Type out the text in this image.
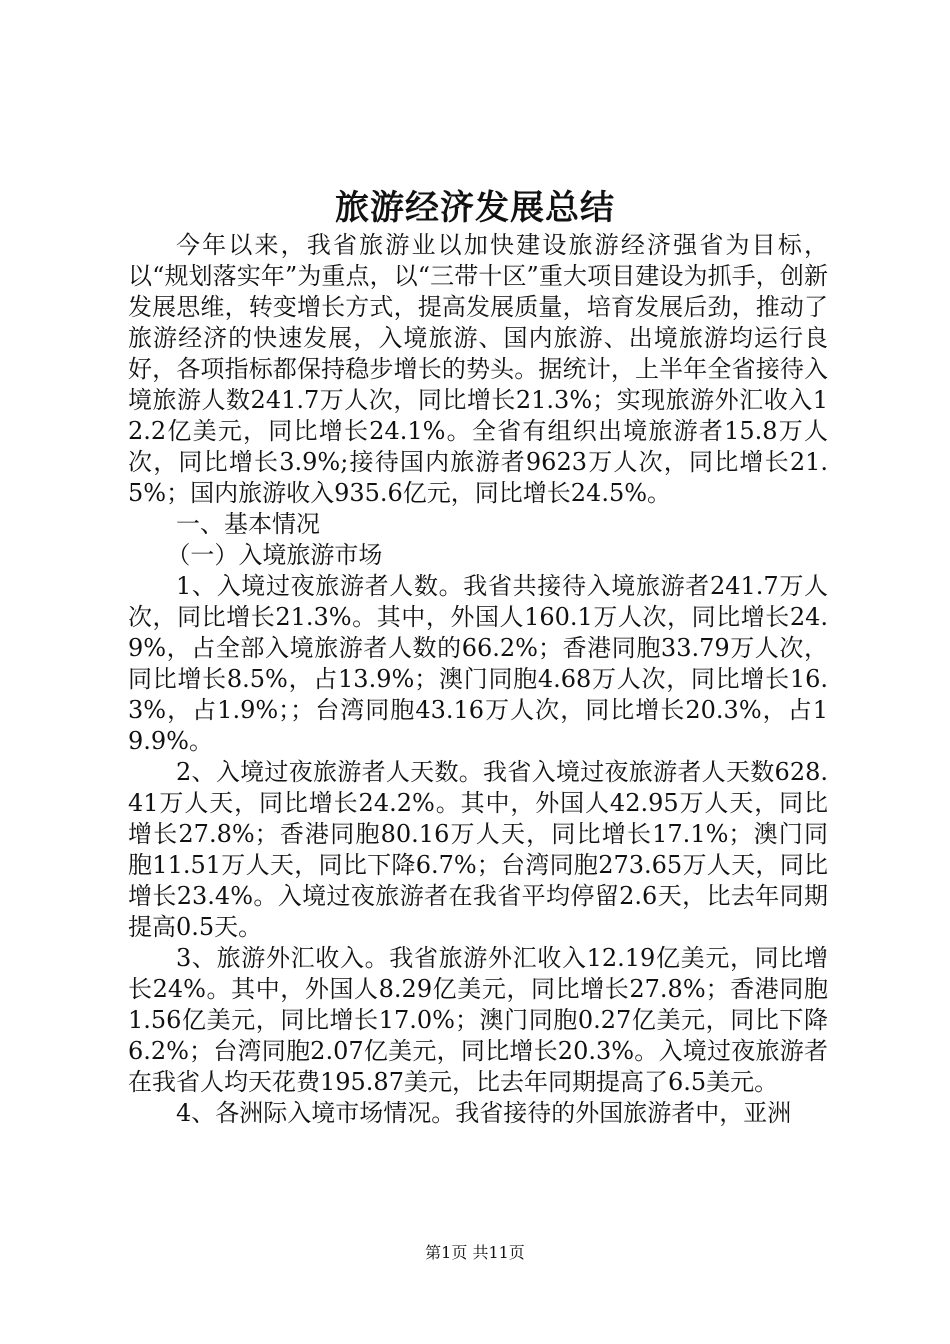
旅游经济发展总结

今年以来，我省旅游业以加快建设旅游经济强省为目标，以“规划落实年”为重点，以“三带十区”重大项目建设为抓手，创新发展思维，转变增长方式，提高发展质量，培育发展后劲，推动了旅游经济的快速发展，入境旅游、国内旅游、出境旅游均运行良好，各项指标都保持稳步增长的势头。据统计，上半年全省接待入境旅游人数241.7万人次，同比增长21.3%；实现旅游外汇收入12.2亿美元，同比增长24.1%。全省有组织出境旅游者15.8万人次，同比增长3.9%;接待国内旅游者9623万人次，同比增长21.5%；国内旅游收入935.6亿元，同比增长24.5%。

一、基本情况

（一）入境旅游市场

1、入境过夜旅游者人数。我省共接待入境旅游者241.7万人次，同比增长21.3%。其中，外国人160.1万人次，同比增长24.9%，占全部入境旅游者人数的66.2%；香港同胞33.79万人次，同比增长8.5%，占13.9%；澳门同胞4.68万人次，同比增长16.3%，占1.9%；；台湾同胞43.16万人次，同比增长20.3%，占19.9%。

2、入境过夜旅游者人天数。我省入境过夜旅游者人天数628.41万人天，同比增长24.2%。其中，外国人42.95万人天，同比增长27.8%；香港同胞80.16万人天，同比增长17.1%；澳门同胞11.51万人天，同比下降6.7%；台湾同胞273.65万人天，同比增长23.4%。入境过夜旅游者在我省平均停留2.6天，比去年同期提高0.5天。

3、旅游外汇收入。我省旅游外汇收入12.19亿美元，同比增长24%。其中，外国人8.29亿美元，同比增长27.8%；香港同胞1.56亿美元，同比增长17.0%；澳门同胞0.27亿美元，同比下降6.2%；台湾同胞2.07亿美元，同比增长20.3%。入境过夜旅游者在我省人均天花费195.87美元，比去年同期提高了6.5美元。

4、各洲际入境市场情况。我省接待的外国旅游者中，亚洲

第1页 共11页
